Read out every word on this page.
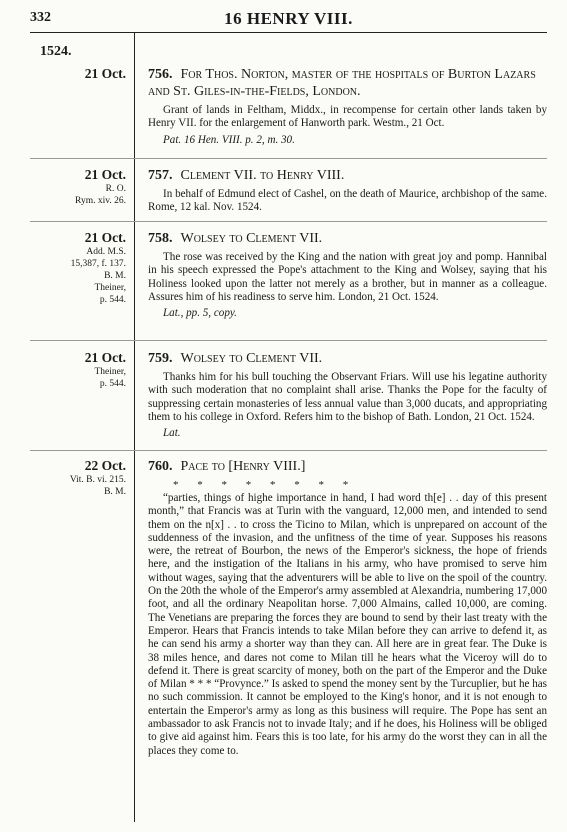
332	16 HENRY VIII.
1524.
21 Oct. 756. For Thos. Norton, master of the hospitals of Burton Lazars and St. Giles-in-the-Fields, London.

Grant of lands in Feltham, Middx., in recompense for certain other lands taken by Henry VII. for the enlargement of Hanworth park. Westm., 21 Oct.

Pat. 16 Hen. VIII. p. 2, m. 30.

21 Oct.
R. O.
Rym. xiv. 26.

757. Clement VII. to Henry VIII.

In behalf of Edmund elect of Cashel, on the death of Maurice, archbishop of the same. Rome, 12 kal. Nov. 1524.

21 Oct.
Add. M.S.
15,387, f. 137.
B. M.
Theiner,
p. 544.

758. Wolsey to Clement VII.

The rose was received by the King and the nation with great joy and pomp. Hannibal in his speech expressed the Pope's attachment to the King and Wolsey, saying that his Holiness looked upon the latter not merely as a brother, but in manner as a colleague. Assures him of his readiness to serve him. London, 21 Oct. 1524.

Lat., pp. 5, copy.

21 Oct.
Theiner,
p. 544.

759. Wolsey to Clement VII.

Thanks him for his bull touching the Observant Friars. Will use his legatine authority with such moderation that no complaint shall arise. Thanks the Pope for the faculty of suppressing certain monasteries of less annual value than 3,000 ducats, and appropriating them to his college in Oxford. Refers him to the bishop of Bath. London, 21 Oct. 1524.

Lat.

22 Oct.
Vit. B. vi. 215.
B. M.

760. Pace to [Henry VIII.]

* * * * * * * *

“parties, things of highe importance in hand, I had word th[e] . . day of this present month,” that Francis was at Turin with the vanguard, 12,000 men, and intended to send them on the n[x] . . to cross the Ticino to Milan, which is unprepared on account of the suddenness of the invasion, and the unfitness of the time of year. Supposes his reasons were, the retreat of Bourbon, the news of the Emperor's sickness, the hope of friends here, and the instigation of the Italians in his army, who have promised to serve him without wages, saying that the adventurers will be able to live on the spoil of the country. On the 20th the whole of the Emperor's army assembled at Alexandria, numbering 17,000 foot, and all the ordinary Neapolitan horse. 7,000 Almains, called 10,000, are coming. The Venetians are preparing the forces they are bound to send by their last treaty with the Emperor. Hears that Francis intends to take Milan before they can arrive to defend it, as he can send his army a shorter way than they can. All here are in great fear. The Duke is 38 miles hence, and dares not come to Milan till he hears what the Viceroy will do to defend it. There is great scarcity of money, both on the part of the Emperor and the Duke of Milan * * * “Provynce.” Is asked to spend the money sent by the Turcuplier, but he has no such commission. It cannot be employed to the King's honor, and it is not enough to entertain the Emperor's army as long as this business will require. The Pope has sent an ambassador to ask Francis not to invade Italy; and if he does, his Holiness will be obliged to give aid against him. Fears this is too late, for his army do the worst they can in all the places they come to.
